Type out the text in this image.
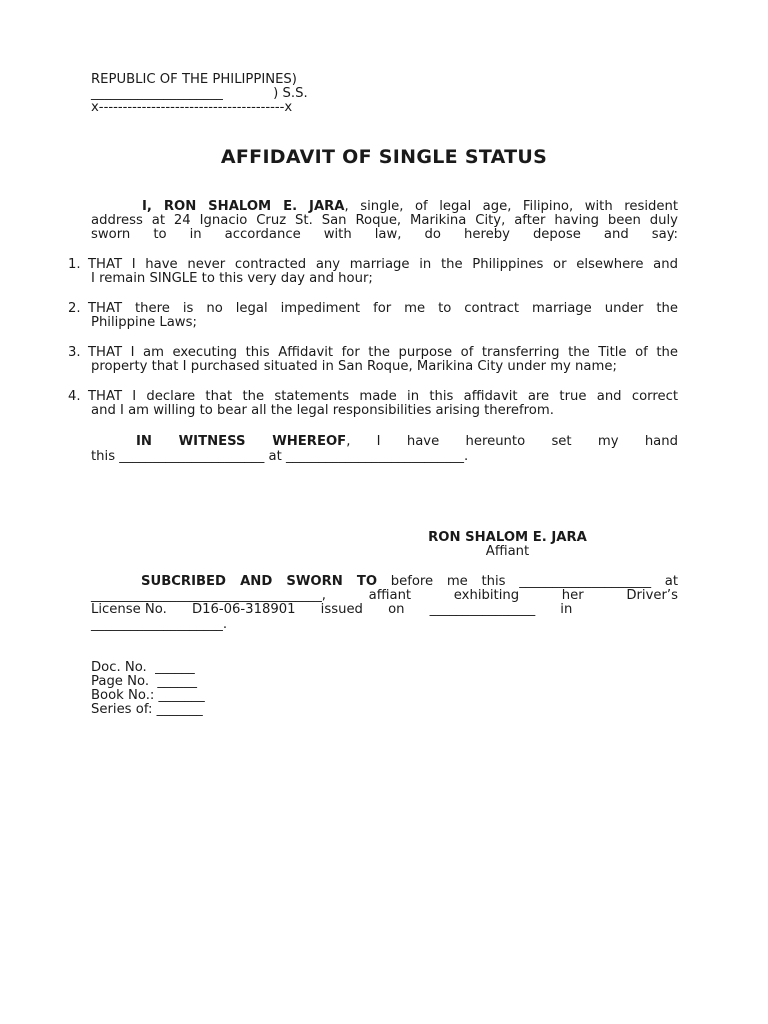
REPUBLIC OF THE PHILIPPINES)
____________________            ) S.S.
x---------------------------------------x
AFFIDAVIT OF SINGLE STATUS
I, RON SHALOM E. JARA, single, of legal age, Filipino, with resident
address at 24 Ignacio Cruz St. San Roque, Marikina City, after having been duly
sworn to in accordance with law, do hereby depose and say:
1. THAT I have never contracted any marriage in the Philippines or elsewhere and
I remain SINGLE to this very day and hour;
2. THAT there is no legal impediment for me to contract marriage under the
Philippine Laws;
3. THAT I am executing this Affidavit for the purpose of transferring the Title of the
property that I purchased situated in San Roque, Marikina City under my name;
4. THAT I declare that the statements made in this affidavit are true and correct
and I am willing to bear all the legal responsibilities arising therefrom.
IN WITNESS WHEREOF, I have hereunto set my hand
this ______________________ at ___________________________.
RON SHALOM E. JARA
Affiant
SUBCRIBED AND SWORN TO before me this ____________________ at
___________________________________, affiant exhibiting her Driver’s
License No.      D16-06-318901      issued      on      ________________      in
____________________.
Doc. No.  ______
Page No.  ______
Book No.: _______
Series of: _______
